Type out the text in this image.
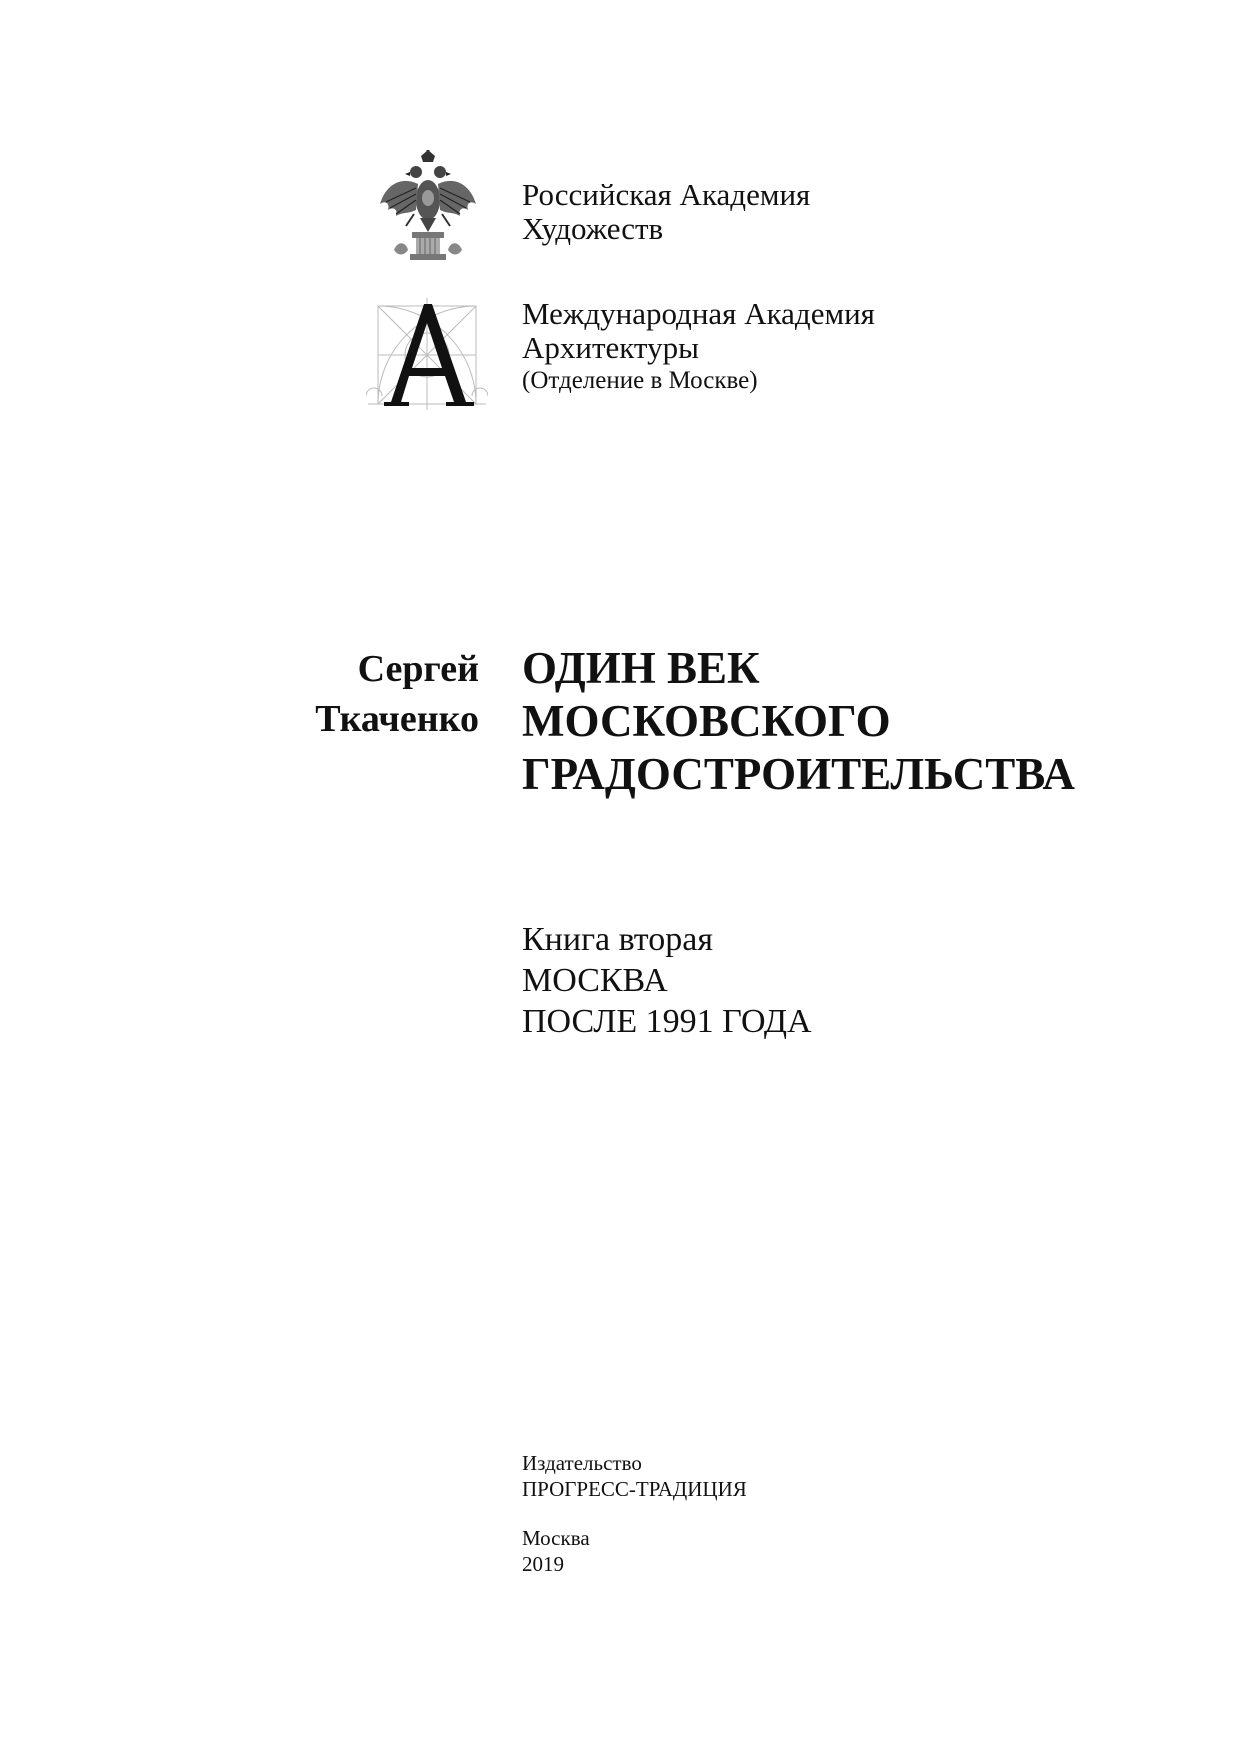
Российская Академия
Художеств
Международная Академия
Архитектуры
(Отделение в Москве)
Сергей
Ткаченко
ОДИН ВЕК
МОСКОВСКОГО
ГРАДОСТРОИТЕЛЬСТВА
Книга вторая
МОСКВА
ПОСЛЕ 1991 ГОДА
Издательство
ПРОГРЕСС-ТРАДИЦИЯ
Москва
2019
